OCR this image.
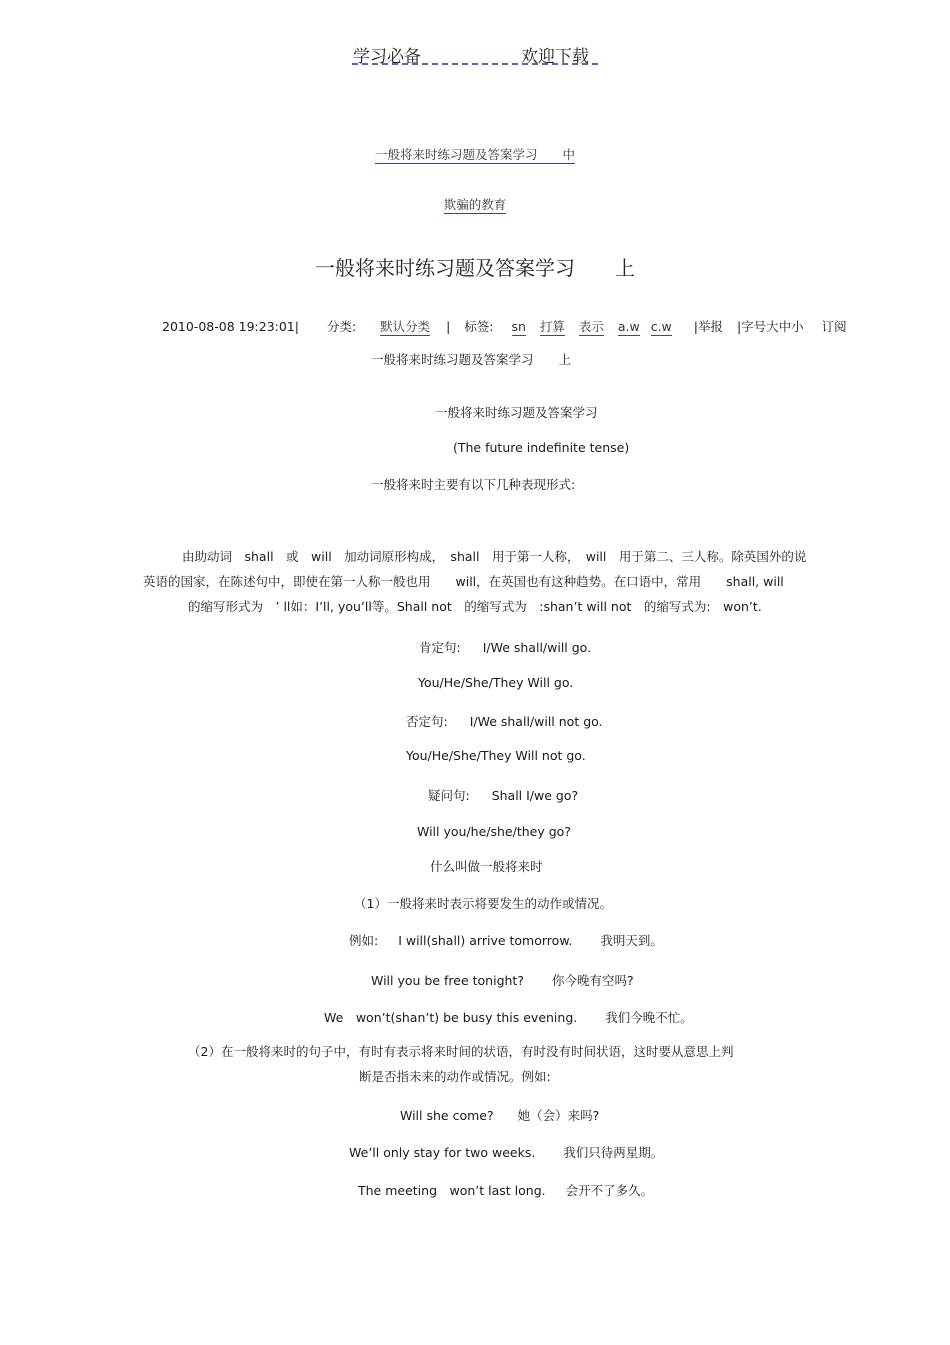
学习必备	欢迎下载
一般将来时练习题及答案学习　　中
欺骗的教育
一般将来时练习题及答案学习　　上
2010-08-08 19:23:01| 分类: 默认分类 | 标签: sn 打算 表示 a.w c.w |举报 |字号大中小 订阅
一般将来时练习题及答案学习　　上
一般将来时练习题及答案学习
(The future indefinite tense)
一般将来时主要有以下几种表现形式:
由助动词　shall　或　will　加动词原形构成，　shall　用于第一人称，　will　用于第二、三人称。除英国外的说
英语的国家，在陈述句中，即使在第一人称一般也用　　will，在英国也有这种趋势。在口语中，常用　　shall, will
的缩写形式为　’ ll如：I’ll, you’ll等。Shall not　的缩写式为　:shan’t will not　的缩写式为:　won’t.
肯定句: I/We shall/will go.
You/He/She/They Will go.
否定句: I/We shall/will not go.
You/He/She/They Will not go.
疑问句: Shall I/we go?
Will you/he/she/they go?
什么叫做一般将来时
（1）一般将来时表示将要发生的动作或情况。
例如: I will(shall) arrive tomorrow. 我明天到。
Will you be free tonight? 你今晚有空吗?
We　won’t(shan’t) be busy this evening. 我们今晚不忙。
（2）在一般将来时的句子中，有时有表示将来时间的状语，有时没有时间状语，这时要从意思上判
断是否指未来的动作或情况。例如:
Will she come? 她（会）来吗?
We’ll only stay for two weeks. 我们只待两星期。
The meeting　won’t last long. 会开不了多久。
